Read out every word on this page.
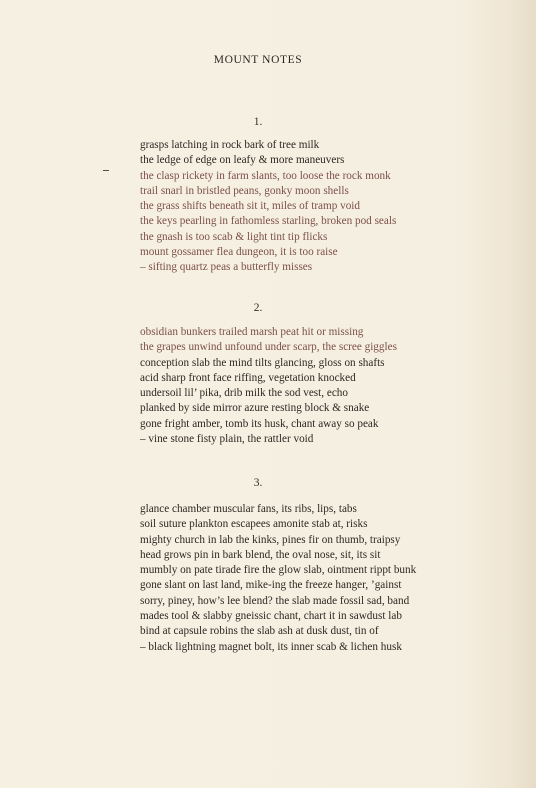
MOUNT NOTES
1.
grasps latching in rock bark of tree milk
the ledge of edge on leafy & more maneuvers
the clasp rickety in farm slants, too loose the rock monk
trail snarl in bristled peans, gonky moon shells
the grass shifts beneath sit it, miles of tramp void
the keys pearling in fathomless starling, broken pod seals
the gnash is too scab & light tint tip flicks
mount gossamer flea dungeon, it is too raise
– sifting quartz peas a butterfly misses
2.
obsidian bunkers trailed marsh peat hit or missing
the grapes unwind unfound under scarp, the scree giggles
conception slab the mind tilts glancing, gloss on shafts
acid sharp front face riffing, vegetation knocked
undersoil lil’ pika, drib milk the sod vest, echo
planked by side mirror azure resting block & snake
gone fright amber, tomb its husk, chant away so peak
– vine stone fisty plain, the rattler void
3.
glance chamber muscular fans, its ribs, lips, tabs
soil suture plankton escapees amonite stab at, risks
mighty church in lab the kinks, pines fir on thumb, traipsy
head grows pin in bark blend, the oval nose, sit, its sit
mumbly on pate tirade fire the glow slab, ointment rippt bunk
gone slant on last land, mike-ing the freeze hanger, ’gainst
sorry, piney, how’s lee blend? the slab made fossil sad, band
mades tool & slabby gneissic chant, chart it in sawdust lab
bind at capsule robins the slab ash at dusk dust, tin of
– black lightning magnet bolt, its inner scab & lichen husk
